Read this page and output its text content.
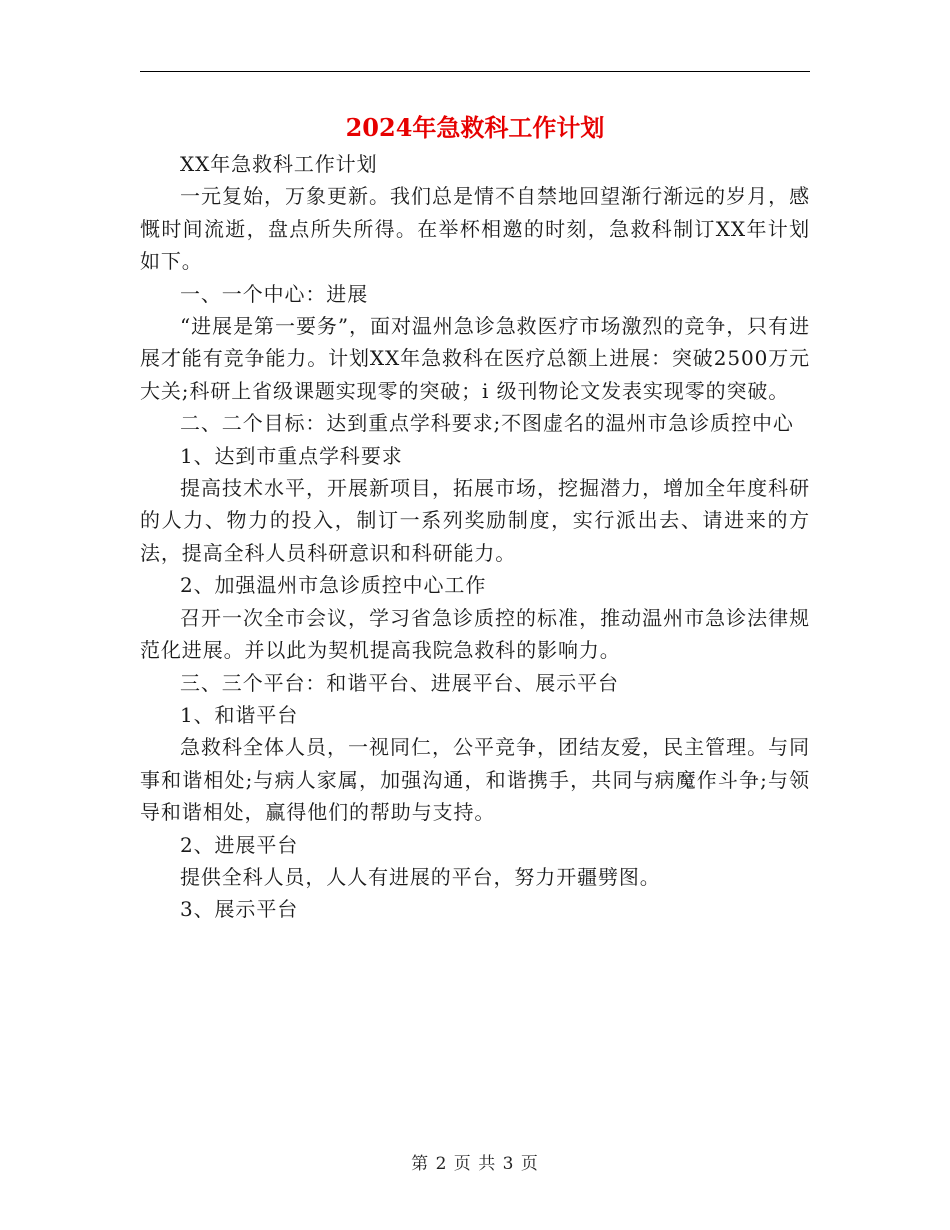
2024年急救科工作计划

XX年急救科工作计划

一元复始，万象更新。我们总是情不自禁地回望渐行渐远的岁月，感慨时间流逝，盘点所失所得。在举杯相邀的时刻，急救科制订XX年计划如下。

一、一个中心：进展

“进展是第一要务”，面对温州急诊急救医疗市场激烈的竞争，只有进展才能有竞争能力。计划XX年急救科在医疗总额上进展：突破2500万元大关;科研上省级课题实现零的突破；i 级刊物论文发表实现零的突破。

二、二个目标：达到重点学科要求;不图虚名的温州市急诊质控中心

1、达到市重点学科要求

提高技术水平，开展新项目，拓展市场，挖掘潜力，增加全年度科研的人力、物力的投入，制订一系列奖励制度，实行派出去、请进来的方法，提高全科人员科研意识和科研能力。

2、加强温州市急诊质控中心工作

召开一次全市会议，学习省急诊质控的标准，推动温州市急诊法律规范化进展。并以此为契机提高我院急救科的影响力。

三、三个平台：和谐平台、进展平台、展示平台

1、和谐平台

急救科全体人员，一视同仁，公平竞争，团结友爱，民主管理。与同事和谐相处;与病人家属，加强沟通，和谐携手，共同与病魔作斗争;与领导和谐相处，赢得他们的帮助与支持。

2、进展平台

提供全科人员，人人有进展的平台，努力开疆劈图。

3、展示平台

第 2 页 共 3 页
